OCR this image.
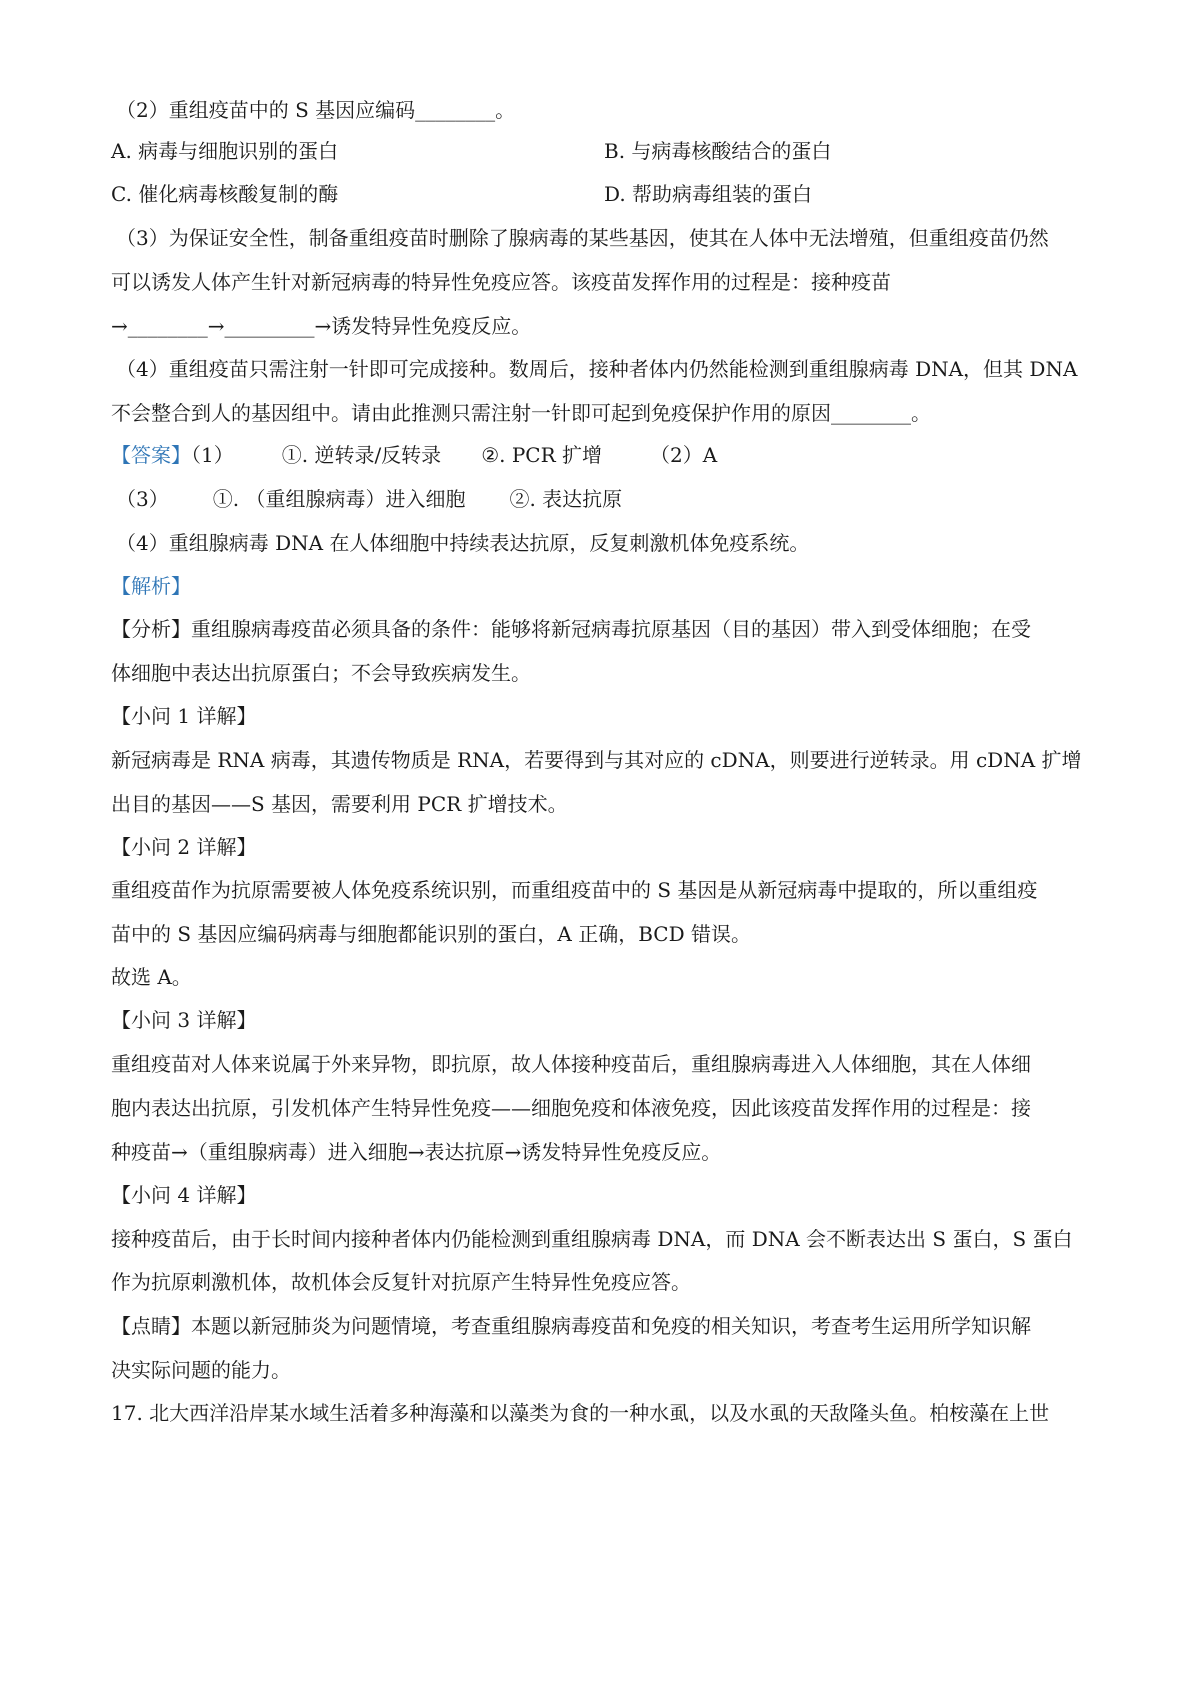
（2）重组疫苗中的 S 基因应编码________。
A. 病毒与细胞识别的蛋白	B. 与病毒核酸结合的蛋白
C. 催化病毒核酸复制的酶	D. 帮助病毒组装的蛋白
（3）为保证安全性，制备重组疫苗时删除了腺病毒的某些基因，使其在人体中无法增殖，但重组疫苗仍然
可以诱发人体产生针对新冠病毒的特异性免疫应答。该疫苗发挥作用的过程是：接种疫苗
→________→_________→诱发特异性免疫反应。
（4）重组疫苗只需注射一针即可完成接种。数周后，接种者体内仍然能检测到重组腺病毒 DNA，但其 DNA
不会整合到人的基因组中。请由此推测只需注射一针即可起到免疫保护作用的原因________。
【答案】（1） ①. 逆转录/反转录 ②. PCR 扩增 （2）A
（3） ①. （重组腺病毒）进入细胞 ②. 表达抗原
（4）重组腺病毒 DNA 在人体细胞中持续表达抗原，反复刺激机体免疫系统。
【解析】
【分析】重组腺病毒疫苗必须具备的条件：能够将新冠病毒抗原基因（目的基因）带入到受体细胞；在受
体细胞中表达出抗原蛋白；不会导致疾病发生。
【小问 1 详解】
新冠病毒是 RNA 病毒，其遗传物质是 RNA，若要得到与其对应的 cDNA，则要进行逆转录。用 cDNA 扩增
出目的基因——S 基因，需要利用 PCR 扩增技术。
【小问 2 详解】
重组疫苗作为抗原需要被人体免疫系统识别，而重组疫苗中的 S 基因是从新冠病毒中提取的，所以重组疫
苗中的 S 基因应编码病毒与细胞都能识别的蛋白，A 正确，BCD 错误。
故选 A。
【小问 3 详解】
重组疫苗对人体来说属于外来异物，即抗原，故人体接种疫苗后，重组腺病毒进入人体细胞，其在人体细
胞内表达出抗原，引发机体产生特异性免疫——细胞免疫和体液免疫，因此该疫苗发挥作用的过程是：接
种疫苗→（重组腺病毒）进入细胞→表达抗原→诱发特异性免疫反应。
【小问 4 详解】
接种疫苗后，由于长时间内接种者体内仍能检测到重组腺病毒 DNA，而 DNA 会不断表达出 S 蛋白，S 蛋白
作为抗原刺激机体，故机体会反复针对抗原产生特异性免疫应答。
【点睛】本题以新冠肺炎为问题情境，考查重组腺病毒疫苗和免疫的相关知识，考查考生运用所学知识解
决实际问题的能力。
17. 北大西洋沿岸某水域生活着多种海藻和以藻类为食的一种水虱，以及水虱的天敌隆头鱼。柏桉藻在上世
